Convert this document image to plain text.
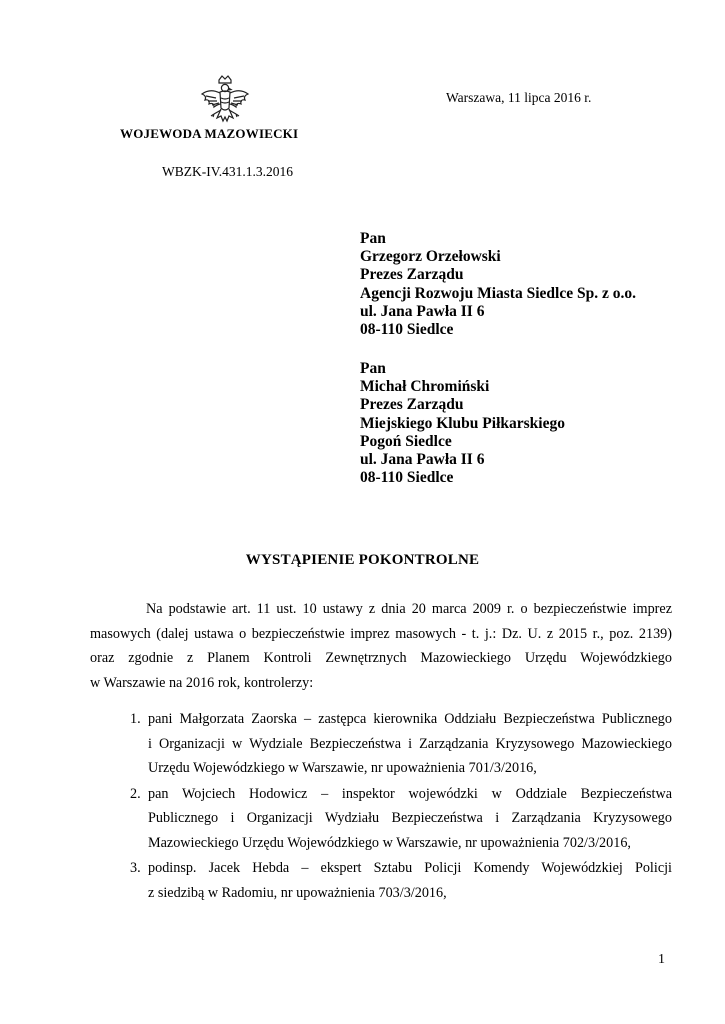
WOJEWODA MAZOWIECKI
Warszawa, 11 lipca 2016 r.
WBZK-IV.431.1.3.2016
Pan
Grzegorz Orzełowski
Prezes Zarządu
Agencji Rozwoju Miasta Siedlce Sp. z o.o.
ul. Jana Pawła II 6
08-110 Siedlce
Pan
Michał Chromiński
Prezes Zarządu
Miejskiego Klubu Piłkarskiego
Pogoń Siedlce
ul. Jana Pawła II 6
08-110 Siedlce
WYSTĄPIENIE POKONTROLNE
Na podstawie art. 11 ust. 10 ustawy z dnia 20 marca 2009 r. o bezpieczeństwie imprez
masowych (dalej ustawa o bezpieczeństwie imprez masowych - t. j.: Dz. U. z 2015 r., poz. 2139)
oraz zgodnie z Planem Kontroli Zewnętrznych Mazowieckiego Urzędu Wojewódzkiego
w Warszawie na 2016 rok, kontrolerzy:
1. pani Małgorzata Zaorska – zastępca kierownika Oddziału Bezpieczeństwa Publicznego
i Organizacji w Wydziale Bezpieczeństwa i Zarządzania Kryzysowego Mazowieckiego
Urzędu Wojewódzkiego w Warszawie, nr upoważnienia 701/3/2016,
2. pan Wojciech Hodowicz – inspektor wojewódzki w Oddziale Bezpieczeństwa
Publicznego i Organizacji Wydziału Bezpieczeństwa i Zarządzania Kryzysowego
Mazowieckiego Urzędu Wojewódzkiego w Warszawie, nr upoważnienia 702/3/2016,
3. podinsp. Jacek Hebda – ekspert Sztabu Policji Komendy Wojewódzkiej Policji
z siedzibą w Radomiu, nr upoważnienia 703/3/2016,
1
